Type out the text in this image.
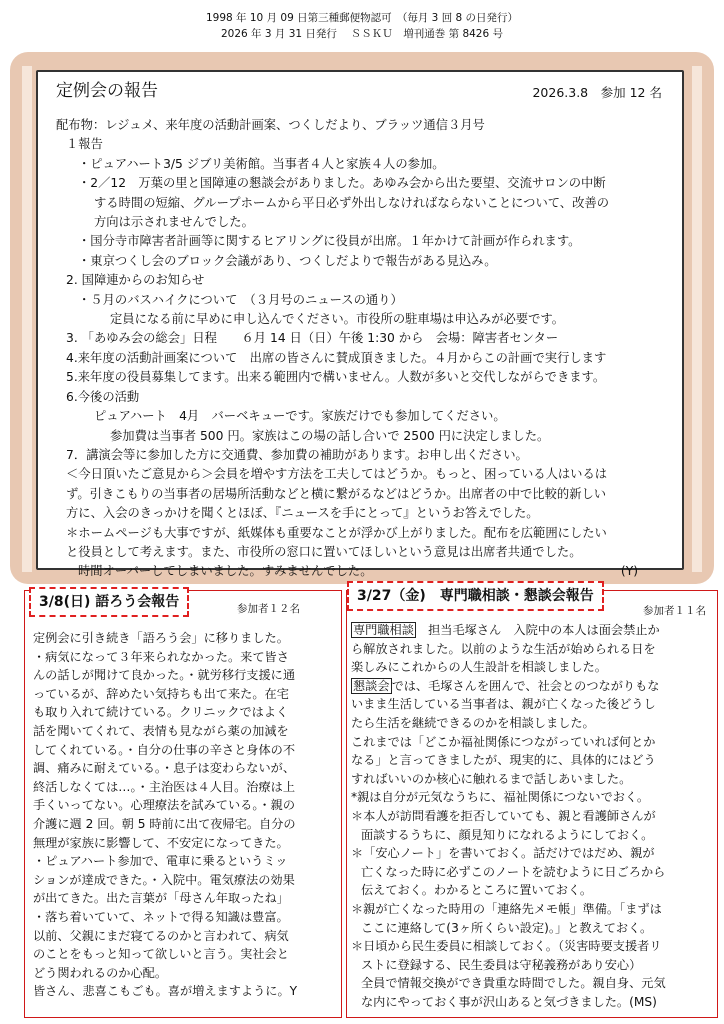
1998 年 10 月 09 日第三種郵便物認可　（毎月 3 回 8 の日発行）
2026 年 3 月 31 日発行　 ＳＳＫＵ　増刊通巻 第 8426 号
定例会の報告	2026.3.8　参加 12 名
配布物：レジュメ、来年度の活動計画案、つくしだより、ブラッツ通信３月号
１報告
・ピュアハート3/5 ジブリ美術館。当事者４人と家族４人の参加。
・2／12　万葉の里と国障連の懇談会がありました。あゆみ会から出た要望、交流サロンの中断
する時間の短縮、グループホームから平日必ず外出しなければならないことについて、改善の
方向は示されませんでした。
・国分寺市障害者計画等に関するヒアリングに役員が出席。１年かけて計画が作られます。
・東京つくし会のブロック会議があり、つくしだよりで報告がある見込み。
2. 国障連からのお知らせ
・５月のバスハイクについて　（３月号のニュースの通り）
定員になる前に早めに申し込んでください。市役所の駐車場は申込みが必要です。
3. 「あゆみ会の総会」日程　　６月 14 日（日）午後 1:30 から　会場：障害者センター
4.来年度の活動計画案について　出席の皆さんに賛成頂きました。４月からこの計画で実行します
5.来年度の役員募集してます。出来る範囲内で構いません。人数が多いと交代しながらできます。
6.今後の活動
ピュアハート　4月　バーベキューです。家族だけでも参加してください。
参加費は当事者 500 円。家族はこの場の話し合いで 2500 円に決定しました。
7．講演会等に参加した方に交通費、参加費の補助があります。お申し出ください。
＜今日頂いたご意見から＞会員を増やす方法を工夫してはどうか。もっと、困っている人はいるは
ず。引きこもりの当事者の居場所活動などと横に繋がるなどはどうか。出席者の中で比較的新しい
方に、入会のきっかけを聞くとほぼ、『ニュースを手にとって』というお答えでした。
＊ホームページも大事ですが、紙媒体も重要なことが浮かび上がりました。配布を広範囲にしたい
と役員として考えます。また、市役所の窓口に置いてほしいという意見は出席者共通でした。
時間オーバーしてしまいました。すみませんでした。	(Y)
3/8(日) 語ろう会報告	参加者１２名
定例会に引き続き「語ろう会」に移りました。
・病気になって３年来られなかった。来て皆さ
んの話しが聞けて良かった。・就労移行支援に通
っているが、辞めたい気持ちも出て来た。在宅
も取り入れて続けている。クリニックではよく
話を聞いてくれて、表情も見ながら薬の加減を
してくれている。・自分の仕事の辛さと身体の不
調、痛みに耐えている。・息子は変わらないが、
終活しなくては…。・主治医は４人目。治療は上
手くいってない。心理療法を試みている。・親の
介護に週 2 回。朝 5 時前に出て夜帰宅。自分の
無理が家族に影響して、不安定になってきた。
・ピュアハート参加で、電車に乗るというミッ
ションが達成できた。・入院中。電気療法の効果
が出てきた。出た言葉が「母さん年取ったね」
・落ち着いていて、ネットで得る知識は豊富。
以前、父親にまだ寝てるのかと言われて、病気
のことをもっと知って欲しいと言う。実社会と
どう関われるのか心配。
皆さん、悲喜こもごも。喜が増えますように。Y
3/27（金)　専門職相談・懇談会報告
参加者１１名
専門職相談　担当毛塚さん　入院中の本人は面会禁止か
ら解放されました。以前のような生活が始められる日を
楽しみにこれからの人生設計を相談しました。
懇談会 では、毛塚さんを囲んで、社会とのつながりもな
いまま生活している当事者は、親が亡くなった後どうし
たら生活を継続できるのかを相談しました。
これまでは「どこか福祉関係につながっていれば何とか
なる」と言ってきましたが、現実的に、具体的にはどう
すればいいのか核心に触れるまで話しあいました。
*親は自分が元気なうちに、福祉関係につないでおく。
＊本人が訪問看護を拒否していても、親と看護師さんが
面談するうちに、顔見知りになれるようにしておく。
＊「安心ノート」を書いておく。話だけではだめ、親が
亡くなった時に必ずこのノートを読むように日ごろから
伝えておく。わかるところに置いておく。
＊親が亡くなった時用の「連絡先メモ帳」準備。「まずは
ここに連絡して(3ヶ所くらい設定)。」と教えておく。
＊日頃から民生委員に相談しておく。（災害時要支援者リ
ストに登録する、民生委員は守秘義務があり安心）
全員で情報交換ができ貴重な時間でした。親自身、元気
な内にやっておく事が沢山あると気づきました。(MS)
